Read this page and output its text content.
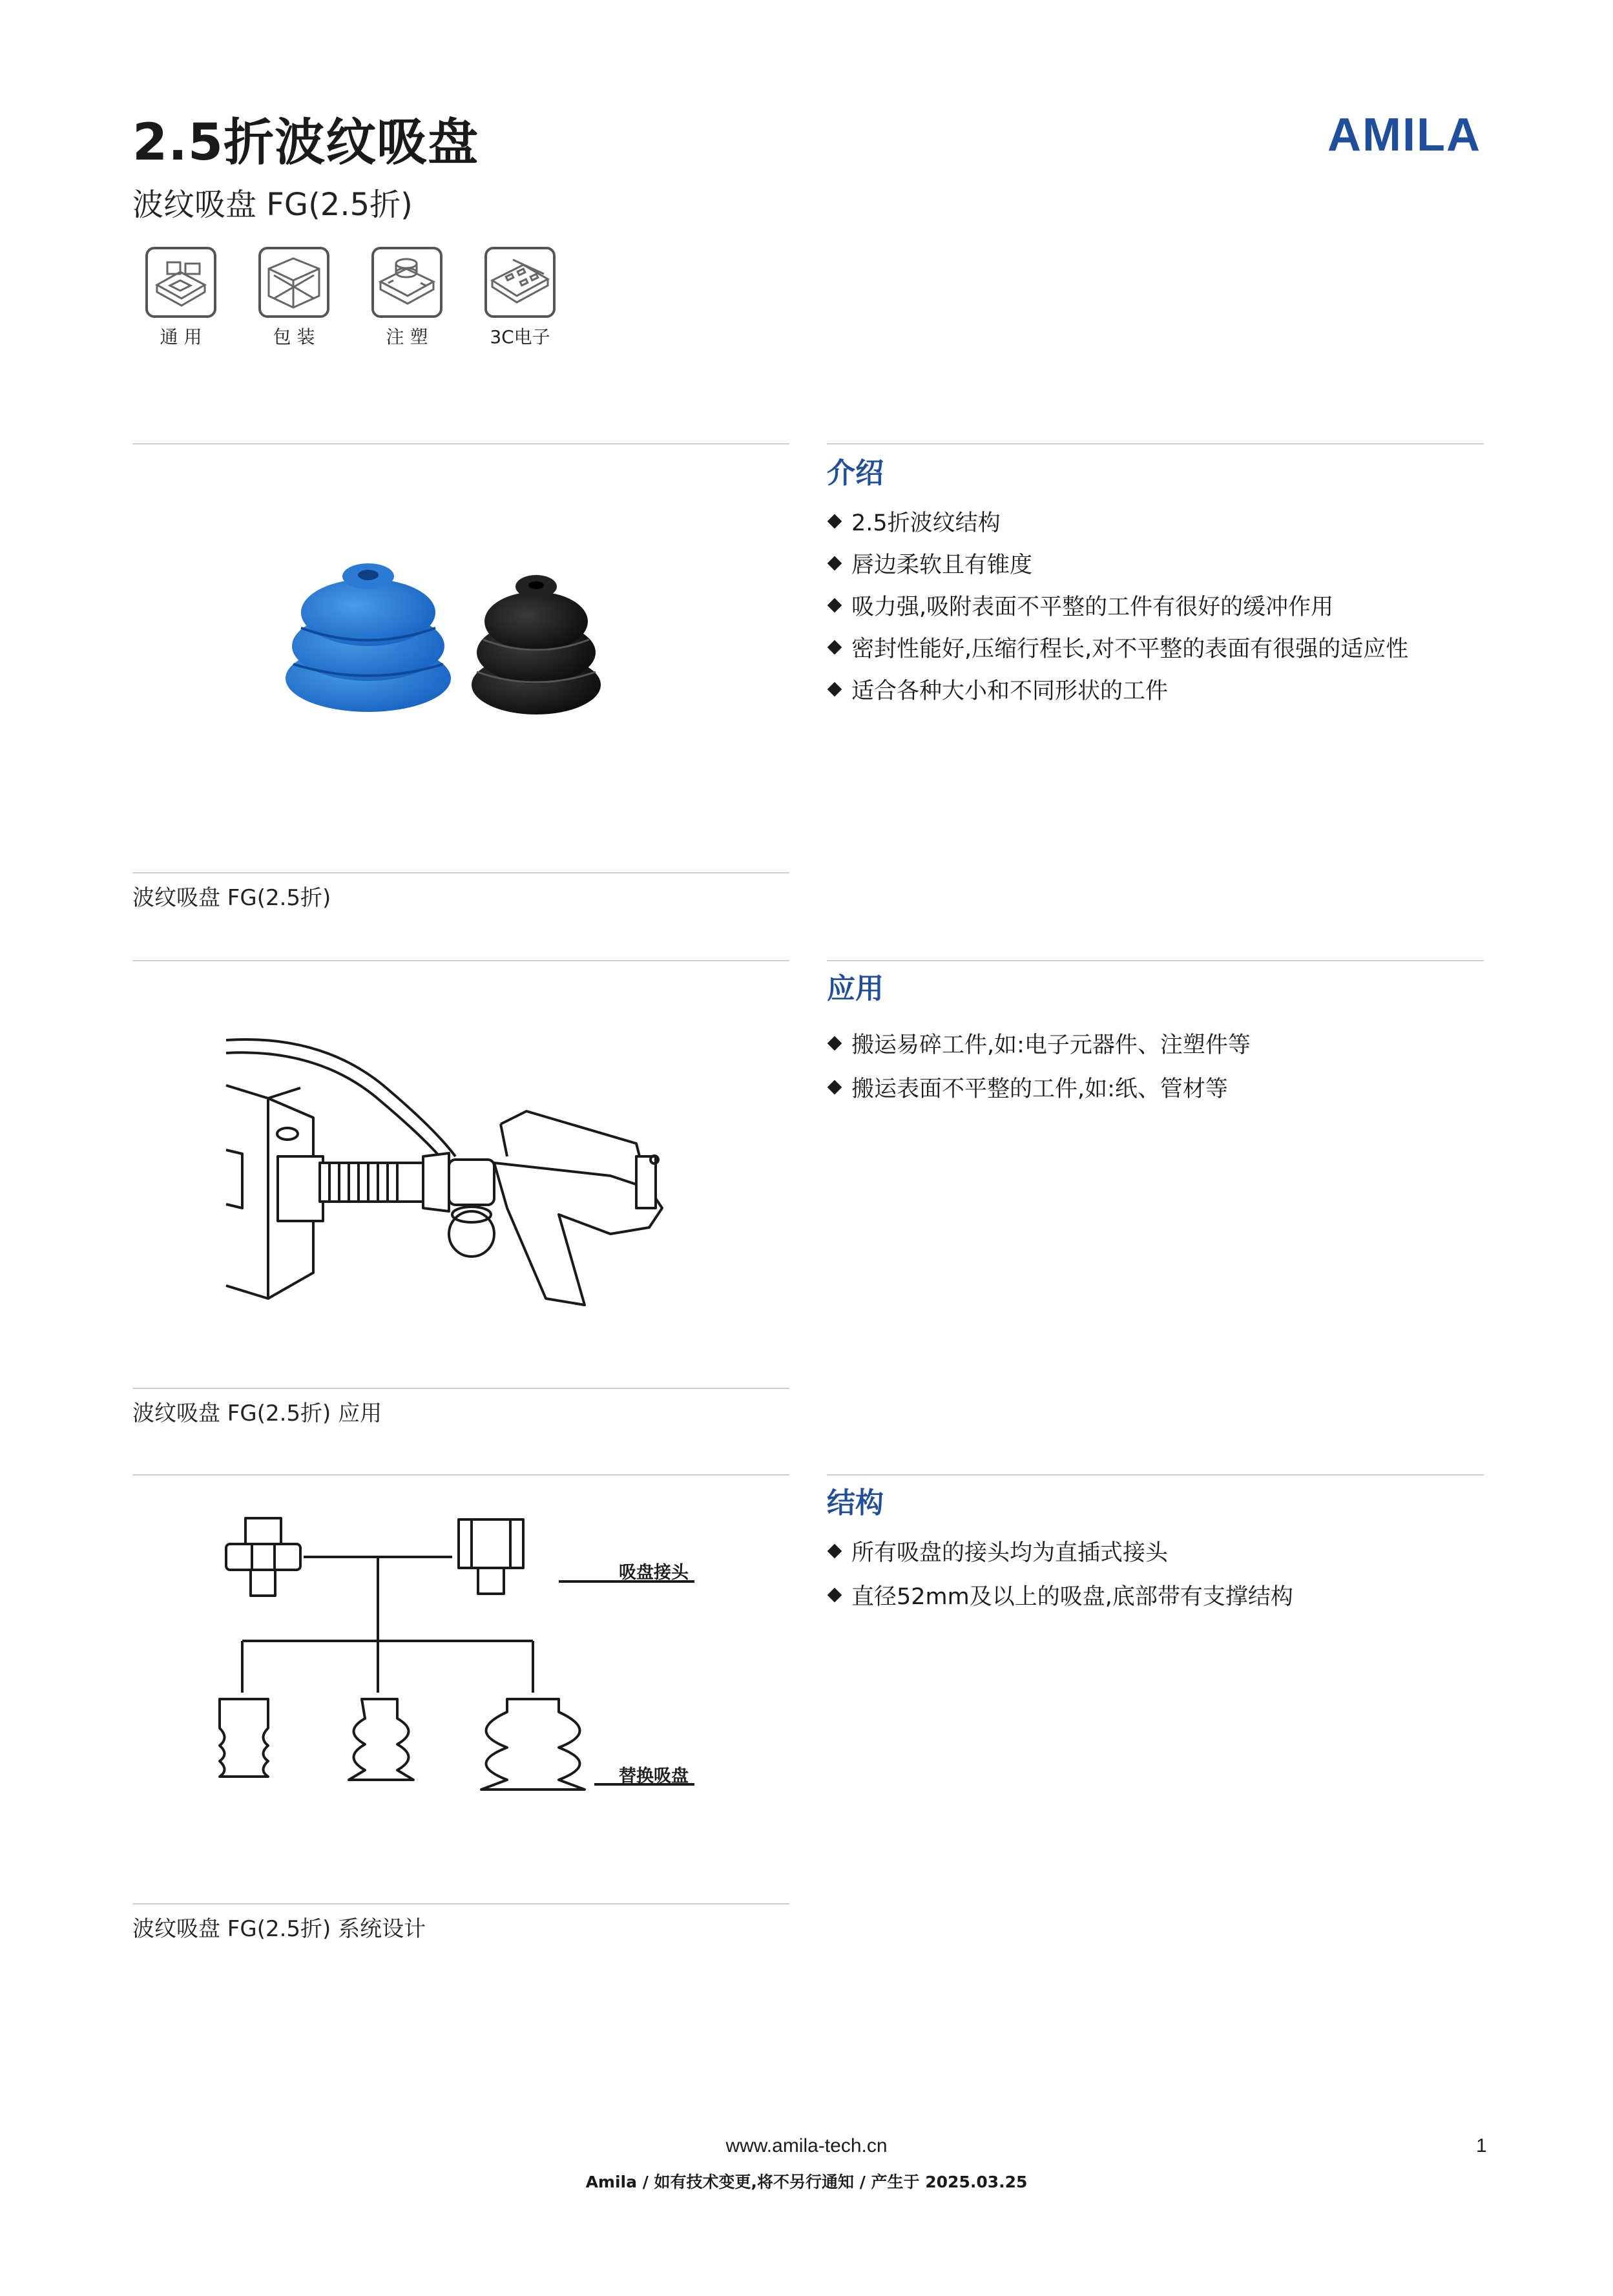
2.5折波纹吸盘
波纹吸盘 FG(2.5折)
AMILA
通 用	包 装	注 塑	3C电子
波纹吸盘 FG(2.5折)
介绍
2.5折波纹结构
唇边柔软且有锥度
吸力强,吸附表面不平整的工件有很好的缓冲作用
密封性能好,压缩行程长,对不平整的表面有很强的适应性
适合各种大小和不同形状的工件
波纹吸盘 FG(2.5折) 应用
应用
搬运易碎工件,如:电子元器件、注塑件等
搬运表面不平整的工件,如:纸、管材等
吸盘接头
替换吸盘
波纹吸盘 FG(2.5折) 系统设计
结构
所有吸盘的接头均为直插式接头
直径52mm及以上的吸盘,底部带有支撑结构
www.amila-tech.cn
Amila / 如有技术变更,将不另行通知 / 产生于 2025.03.25
1
